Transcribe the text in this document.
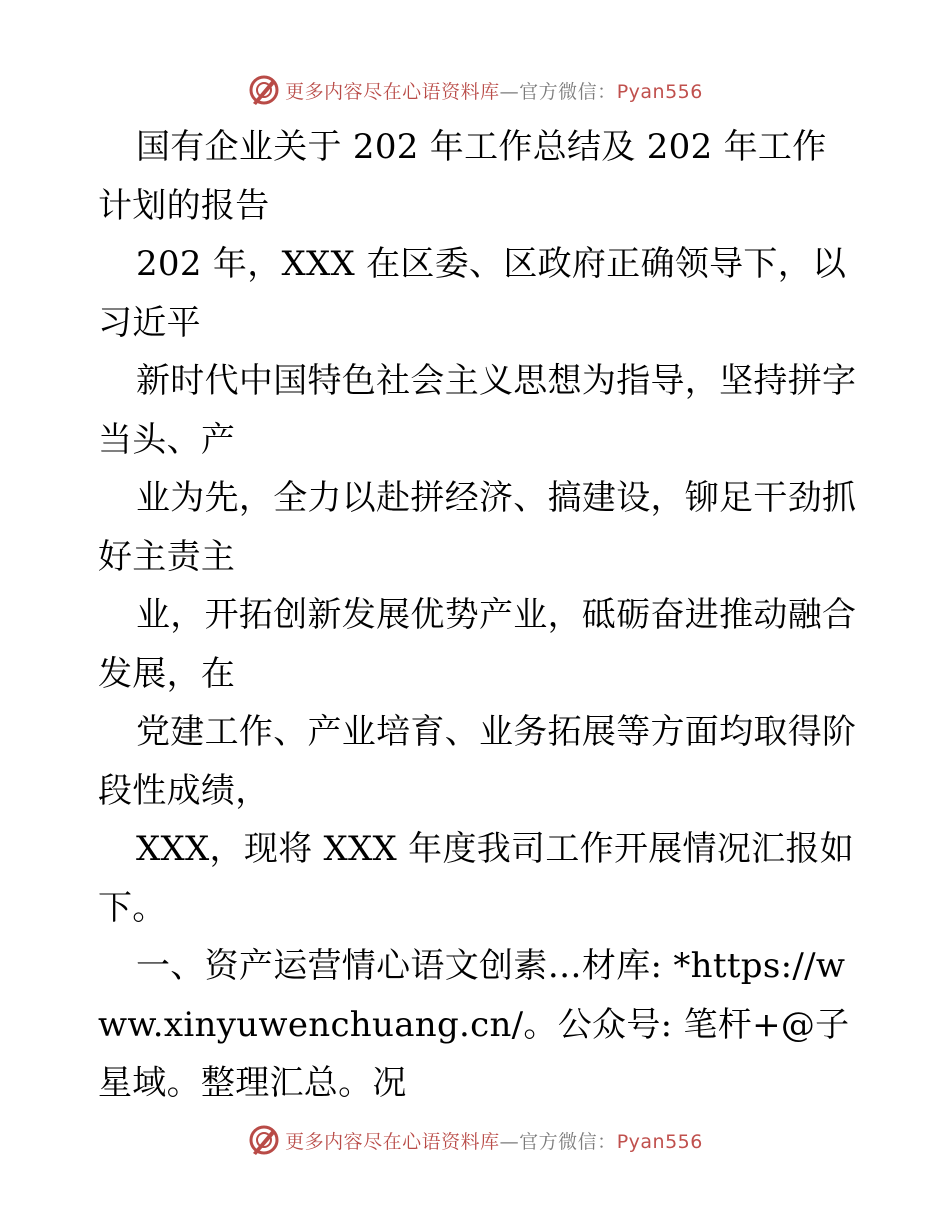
更多内容尽在心语资料库—官方微信：Pyan556

国有企业关于 202 年工作总结及 202 年工作计划的报告

202 年，XXX 在区委、区政府正确领导下，以习近平

新时代中国特色社会主义思想为指导，坚持拼字当头、产

业为先，全力以赴拼经济、搞建设，铆足干劲抓好主责主

业，开拓创新发展优势产业，砥砺奋进推动融合发展，在

党建工作、产业培育、业务拓展等方面均取得阶段性成绩，

XXX，现将 XXX 年度我司工作开展情况汇报如下。

一、资产运营情心语文创素…材库: *https://www.xinyuwenchuang.cn/。公众号: 笔杆+@子星域。整理汇总。况

更多内容尽在心语资料库—官方微信：Pyan556
